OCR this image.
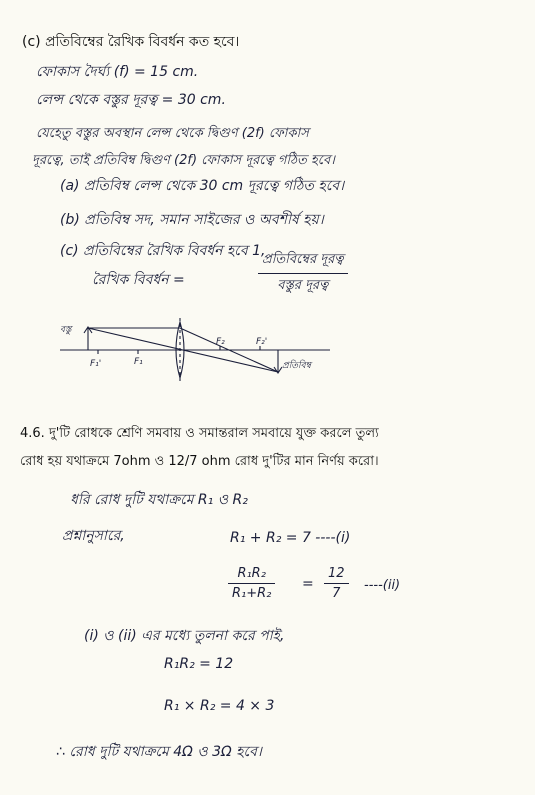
(c) প্রতিবিম্বের রৈখিক বিবর্ধন কত হবে।
ফোকাস দৈর্ঘ্য (f) = 15 cm.
লেন্স থেকে বস্তুর দূরত্ব = 30 cm.
যেহেতু বস্তুর অবস্থান লেন্স থেকে দ্বিগুণ (2f) ফোকাস
দূরত্বে, তাই প্রতিবিম্ব দ্বিগুণ (2f) ফোকাস দূরত্বে গঠিত হবে।
(a) প্রতিবিম্ব লেন্স থেকে 30 cm দূরত্বে গঠিত হবে।
(b) প্রতিবিম্ব সদ, সমান সাইজের ও অবশীর্ষ হয়।
(c) প্রতিবিম্বের রৈখিক বিবর্ধন হবে 1,
রৈখিক বিবর্ধন =
প্রতিবিম্বের দূরত্ব
বস্তুর দূরত্ব
বস্তু
F₁'	F₁
F₂	F₂'
প্রতিবিম্ব
4.6. দু'টি রোধকে শ্রেণি সমবায় ও সমান্তরাল সমবায়ে যুক্ত করলে তুল্য
রোধ হয় যথাক্রমে 7ohm ও 12/7 ohm রোধ দু'টির মান নির্ণয় করো।
ধরি রোধ দুটি যথাক্রমে R₁ ও R₂
প্রশ্নানুসারে,	R₁ + R₂ = 7 ----(i)
$\frac{\text{R₁R₂}}{\text{R₁+R₂}} = \frac{12}{7} ----(ii)$
(i) ও (ii) এর মধ্যে তুলনা করে পাই,
R₁R₂ = 12
R₁ × R₂ = 4 × 3
∴ রোধ দুটি যথাক্রমে 4Ω ও 3Ω হবে।
